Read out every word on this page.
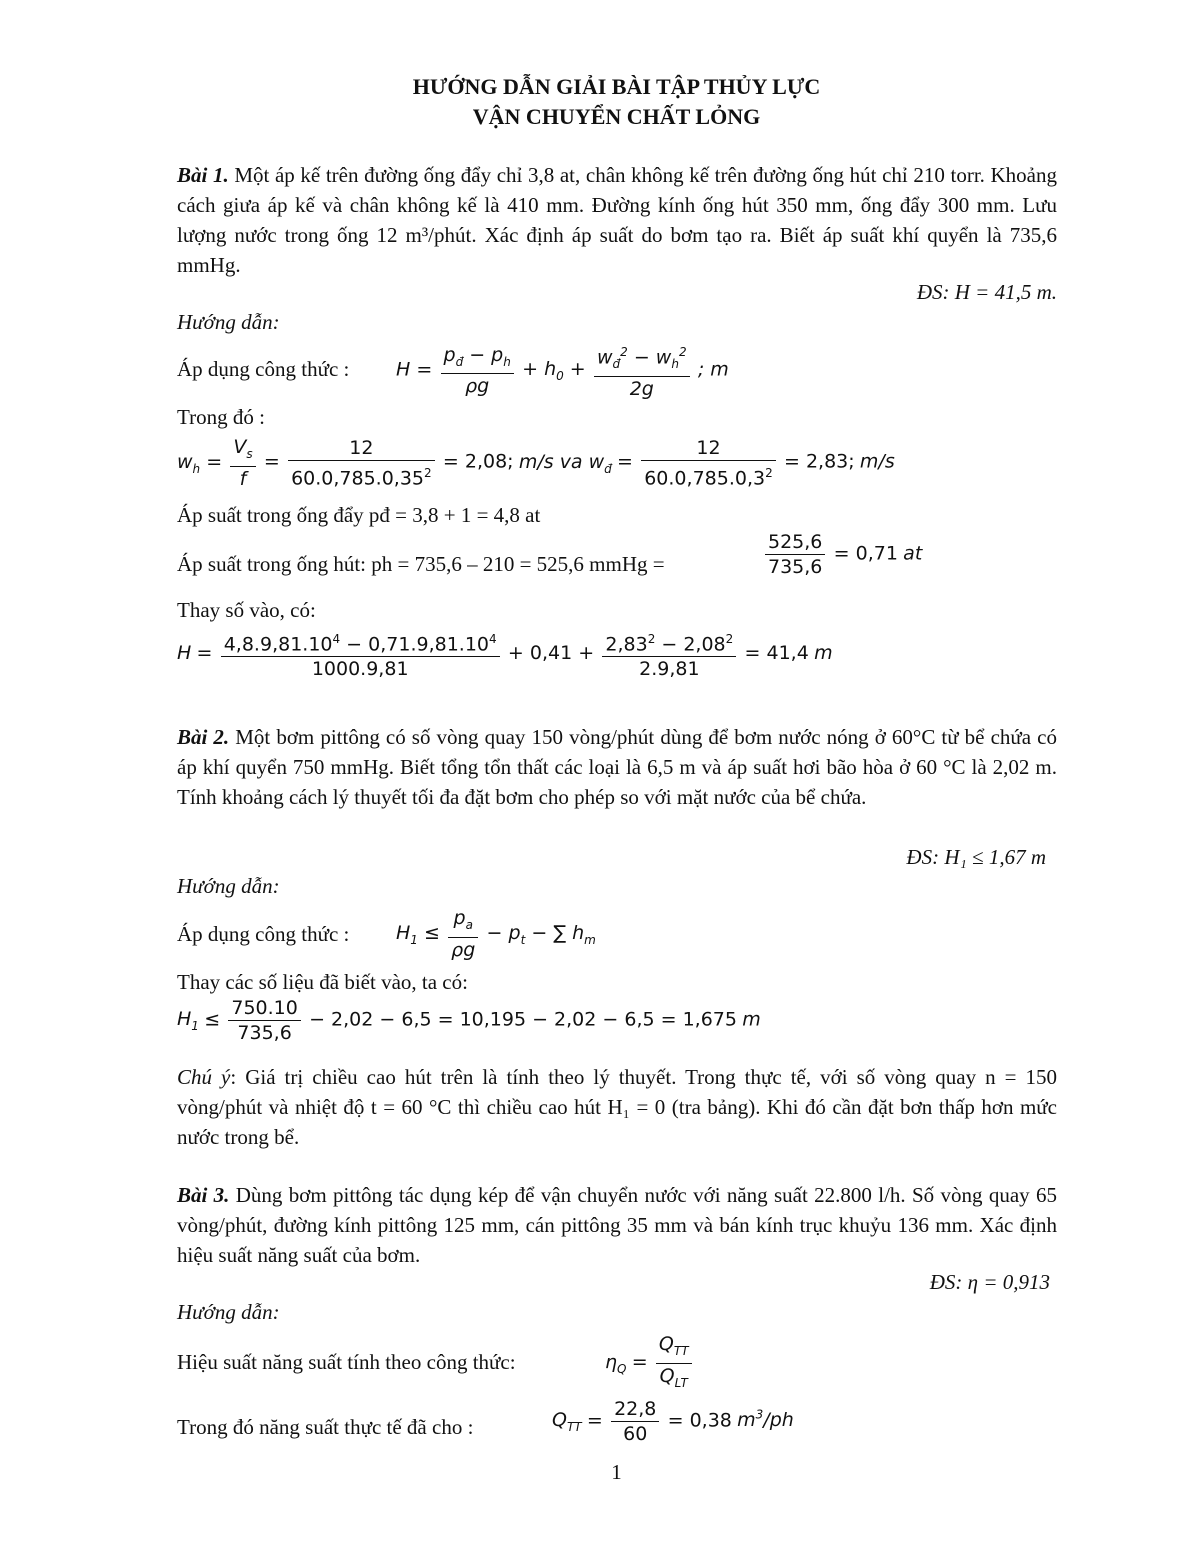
HƯỚNG DẪN GIẢI BÀI TẬP THỦY LỰC
VẬN CHUYỂN CHẤT LỎNG
Bài 1. Một áp kế trên đường ống đẩy chỉ 3,8 at, chân không kế trên đường ống hút chỉ 210 torr. Khoảng cách giưa áp kế và chân không kế là 410 mm. Đường kính ống hút 350 mm, ống đẩy 300 mm. Lưu lượng nước trong ống 12 m³/phút. Xác định áp suất do bơm tạo ra. Biết áp suất khí quyển là 735,6 mmHg.
ĐS: H = 41,5 m.
Hướng dẫn:
Áp dụng công thức : $H = \frac{p_đ - p_h}{\rho g} + h_0 + \frac{w_đ^2 - w_h^2}{2g}$ ; m
Trong đó :
$w_h = \frac{V_s}{f} = \frac{12}{60.0,785.0,35^2} = 2,08$; m/s va $w_đ = \frac{12}{60.0,785.0,3^2} = 2,83$; m/s
Áp suất trong ống đẩy pđ = 3,8 + 1 = 4,8 at
Áp suất trong ống hút: ph = 735,6 – 210 = 525,6 mmHg =	$\frac{525,6}{735,6} = 0,71$ at
Thay số vào, có:
$H = \frac{4,8.9,81.10^4 - 0,71.9,81.10^4}{1000.9,81} + 0,41 + \frac{2,83^2 - 2,08^2}{2.9,81} = 41,4$ m
Bài 2. Một bơm pittông có số vòng quay 150 vòng/phút dùng để bơm nước nóng ở 60°C từ bể chứa có áp khí quyển 750 mmHg. Biết tổng tổn thất các loại là 6,5 m và áp suất hơi bão hòa ở 60 °C là 2,02 m. Tính khoảng cách lý thuyết tối đa đặt bơm cho phép so với mặt nước của bể chứa.
ĐS: H₁ ≤ 1,67 m
Hướng dẫn:
Áp dụng công thức : $H_1 \le \frac{p_a}{\rho g} - p_t$ − ∑ $h_m$
Thay các số liệu đã biết vào, ta có:
$H_1 \le \frac{750.10}{735,6} - 2,02 - 6,5 = 10,195 - 2,02 - 6,5 = 1,675$ m
Chú ý: Giá trị chiều cao hút trên là tính theo lý thuyết. Trong thực tế, với số vòng quay n = 150 vòng/phút và nhiệt độ t = 60 °C thì chiều cao hút H₁ = 0 (tra bảng). Khi đó cần đặt bơn thấp hơn mức nước trong bể.
Bài 3. Dùng bơm pittông tác dụng kép để vận chuyển nước với năng suất 22.800 l/h. Số vòng quay 65 vòng/phút, đường kính pittông 125 mm, cán pittông 35 mm và bán kính trục khuỷu 136 mm. Xác định hiệu suất năng suất của bơm.
ĐS: η = 0,913
Hướng dẫn:
Hiệu suất năng suất tính theo công thức:	$\eta_Q = \frac{Q_{TT}}{Q_{LT}}$
Trong đó năng suất thực tế đã cho :	$Q_{TT} = \frac{22,8}{60} = 0,38$ $m^3/ph$
1
